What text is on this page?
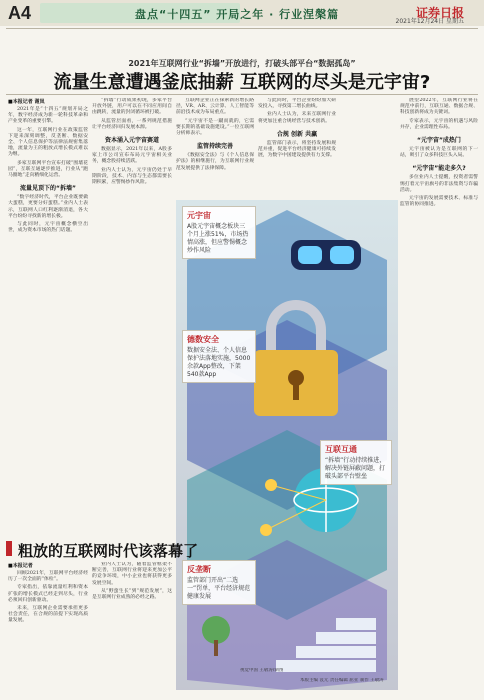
A4	盘点“十四五” 开局之年 · 行业涅槃篇	证券日报
2021年12月24日 星期五
2021年互联网行业“拆墙”开放进行，打破头部平台“数据孤岛”
流量生意遭遇釜底抽薪 互联网的尽头是元宇宙?
■本报记者 谢岚

2021年是“十四五”规划开局之年，数字经济成为新一轮科技革命和产业变革的重要引擎。

这一年，互联网行业在政策监管下迎来深刻调整，反垄断、数据安全、个人信息保护等法律法规密集落地，流量为王的粗放式增长模式难以为继。

多家互联网平台宣布打破“围墙花园”，互联互通逐步推进，行业从“跑马圈地”走向精细化运营。

流量见顶下的“拆墙”

“数字经济时代，平台企业既要做大蛋糕，更要分好蛋糕。”业内人士表示，互联网人口红利逐渐消退，各大平台纷纷寻找新的增长极。

与此同时，元宇宙概念横空出世，成为资本市场的热门话题。

“拆墙”行动成果初现，多家平台开放外链，用户可以在不同应用间自由跳转，流量的封闭循环被打破。

从监管层面看，一系列规范措施让平台经济回归发展本源。

资本涌入元宇宙赛道

数据显示，2021年以来，A股多家上市公司宣布布局元宇宙相关业务，概念股持续活跃。

业内人士认为，元宇宙仍处于早期阶段，技术、内容与生态都需要长期积累，应警惕炒作风险。

互联网企业正在探索新的增长路径，VR、AR、云计算、人工智能等前沿技术成为布局重点。

“元宇宙不是一蹴而就的，它需要长期的基础设施建设。”一位互联网分析师表示。

监管持续完善

《数据安全法》与《个人信息保护法》的相继施行，为互联网行业规范发展提供了法律保障。

与此同时，平台企业纷纷加大研发投入，寻找第二增长曲线。

业内人士认为，未来互联网行业将更加注重合规经营与技术创新。

合规 创新 共赢

监管部门表示，将坚持发展和规范并重，促进平台经济健康可持续发展，为数字中国建设提供有力支撑。

展望2022年，互联网行业将在规范中前行，互联互通、数据合规、科技创新将成为关键词。

专家表示，元宇宙的机遇与风险并存，企业需理性布局。

“元宇宙”成热门

元宇宙被认为是互联网的下一站，吸引了众多科技巨头入局。

“元宇宙”能走多久?

多位业内人士提醒，投资者需警惕打着元宇宙旗号的非法集资与诈骗活动。

元宇宙的发展需要技术、标准与监管的协同推进。

元宇宙
A股元宇宙概念板块三个月上涨51%，市场热情高涨，但应警惕概念炒作风险
德数安全
数据安全法、个人信息保护法落地实施，5000余款App整改，下架540款App
互联互通
“拆墙”行动持续推进，解决外链屏蔽问题，打破头部平台壁垒
反垄断
监管部门开出“二选一”罚单，平台经济规范健康发展
粗放的互联网时代该落幕了
■本报记者

回顾2021年，互联网平台经济经历了一次全面的“体检”。

专家指出，依靠流量红利和资本扩张的增长模式已经走到尽头，行业必须回归创新驱动。

未来，互联网企业需要承担更多社会责任，在合规的前提下实现高质量发展。

业内人士认为，随着监管框架不断完善，互联网行业将迎来更加公平的竞争环境，中小企业也将获得更多发展空间。

从“野蛮生长”到“规范发展”，这是互联网行业成熟的必经之路。

本版主编 袁元 责任编辑 屈亚 制作 王敬涛
视觉中国 王敬涛/制图
